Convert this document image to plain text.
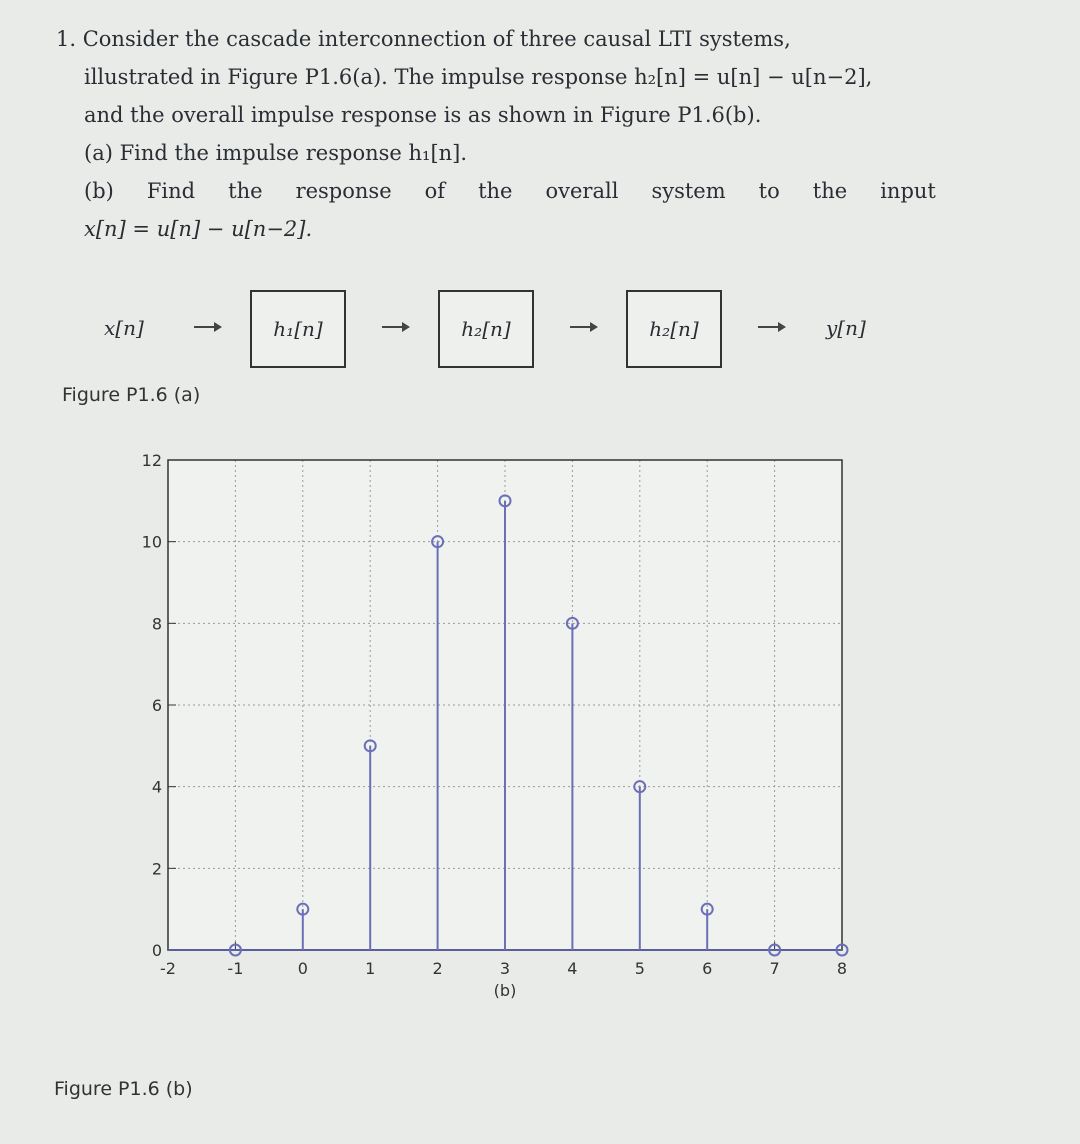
1. Consider the cascade interconnection of three causal LTI systems,
illustrated in Figure P1.6(a). The impulse response h₂[n] = u[n] − u[n−2],
and the overall impulse response is as shown in Figure P1.6(b).
(a) Find the impulse response h₁[n].
(b) Find the response of the overall system to the input
x[n] = u[n] − u[n−2].
x[n]	h₁[n]	h₂[n]	h₂[n]	y[n]
Figure P1.6 (a)
0
2
4
6
8
10
12
-2	-1	0	1	2	3	4	5	6	7	8
(b)
Figure P1.6 (b)
